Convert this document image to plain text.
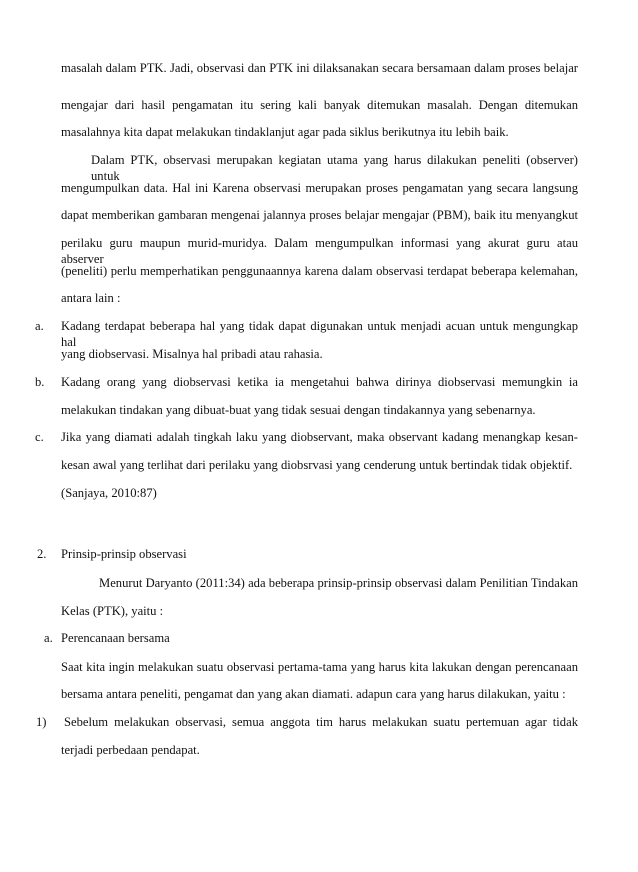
masalah dalam PTK. Jadi, observasi dan PTK ini dilaksanakan secara bersamaan dalam proses belajar
mengajar dari hasil pengamatan itu sering kali banyak ditemukan masalah. Dengan ditemukan
masalahnya kita dapat melakukan tindaklanjut agar pada siklus berikutnya itu lebih baik.
Dalam PTK, observasi merupakan kegiatan utama yang harus dilakukan peneliti (observer) untuk
mengumpulkan data. Hal ini Karena observasi merupakan proses pengamatan yang secara langsung
dapat memberikan gambaran mengenai jalannya proses belajar mengajar (PBM), baik itu menyangkut
perilaku guru maupun murid-muridya. Dalam mengumpulkan informasi yang akurat guru atau abserver
(peneliti) perlu memperhatikan penggunaannya karena dalam observasi terdapat beberapa kelemahan,
antara lain :
a. Kadang terdapat beberapa hal yang tidak dapat digunakan untuk menjadi acuan untuk mengungkap hal
yang diobservasi. Misalnya hal pribadi atau rahasia.
b. Kadang orang yang diobservasi ketika ia mengetahui bahwa dirinya diobservasi memungkin ia
melakukan tindakan yang dibuat-buat yang tidak sesuai dengan tindakannya yang sebenarnya.
c. Jika yang diamati adalah tingkah laku yang diobservant, maka observant kadang menangkap kesan-
kesan awal yang terlihat dari perilaku yang diobsrvasi yang cenderung untuk bertindak tidak objektif.
(Sanjaya, 2010:87)
2. Prinsip-prinsip observasi
Menurut Daryanto (2011:34) ada beberapa prinsip-prinsip observasi dalam Penilitian Tindakan
Kelas (PTK), yaitu :
a. Perencanaan bersama
Saat kita ingin melakukan suatu observasi pertama-tama yang harus kita lakukan dengan perencanaan
bersama antara peneliti, pengamat dan yang akan diamati. adapun cara yang harus dilakukan, yaitu :
1) Sebelum melakukan observasi, semua anggota tim harus melakukan suatu pertemuan agar tidak
terjadi perbedaan pendapat.
